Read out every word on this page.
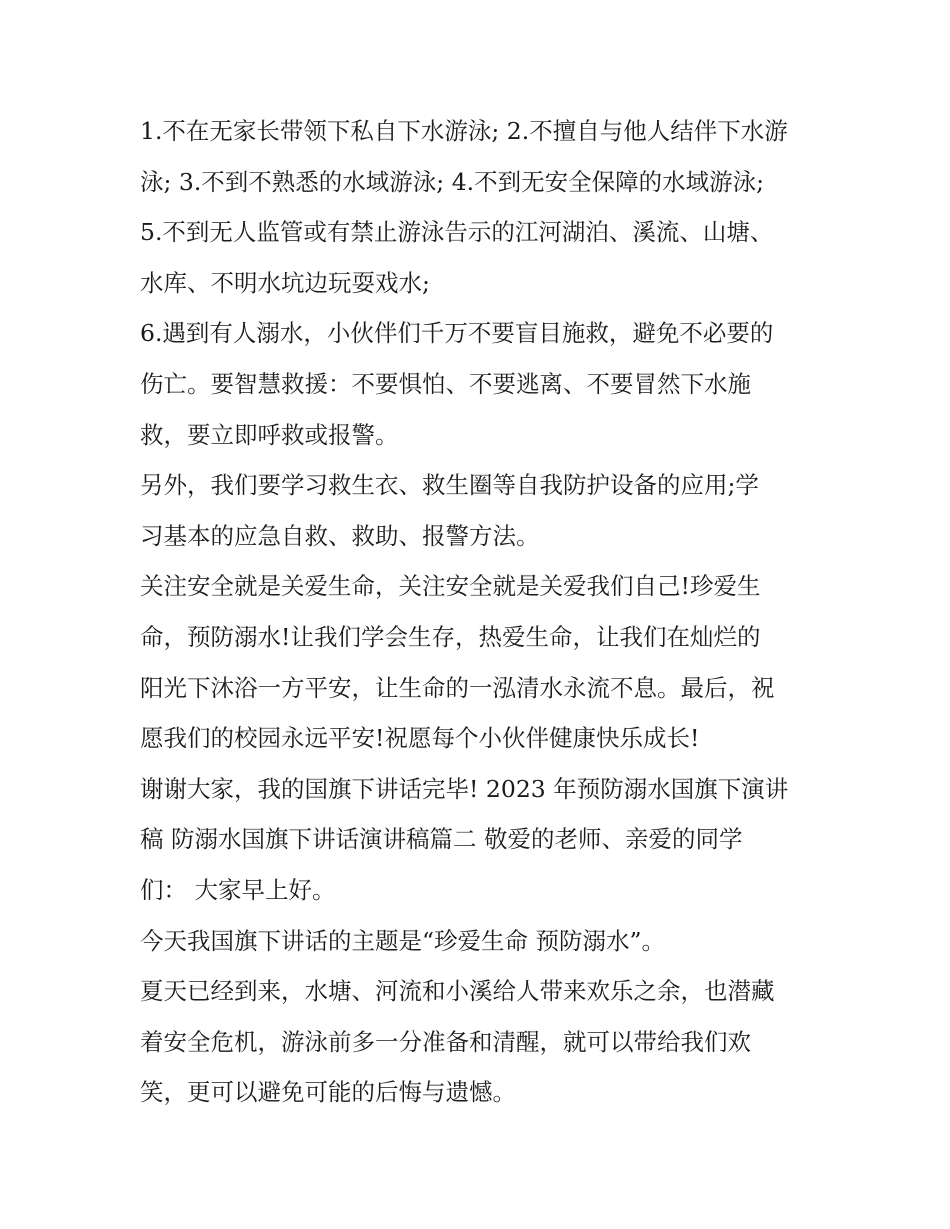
1.不在无家长带领下私自下水游泳; 2.不擅自与他人结伴下水游
泳; 3.不到不熟悉的水域游泳; 4.不到无安全保障的水域游泳;
5.不到无人监管或有禁止游泳告示的江河湖泊、溪流、山塘、
水库、不明水坑边玩耍戏水;
6.遇到有人溺水，小伙伴们千万不要盲目施救，避免不必要的
伤亡。要智慧救援：不要惧怕、不要逃离、不要冒然下水施
救，要立即呼救或报警。
另外，我们要学习救生衣、救生圈等自我防护设备的应用;学
习基本的应急自救、救助、报警方法。
关注安全就是关爱生命，关注安全就是关爱我们自己!珍爱生
命，预防溺水!让我们学会生存，热爱生命，让我们在灿烂的
阳光下沐浴一方平安，让生命的一泓清水永流不息。最后，祝
愿我们的校园永远平安!祝愿每个小伙伴健康快乐成长!
谢谢大家，我的国旗下讲话完毕! 2023 年预防溺水国旗下演讲
稿 防溺水国旗下讲话演讲稿篇二 敬爱的老师、亲爱的同学
们： 大家早上好。
今天我国旗下讲话的主题是“珍爱生命 预防溺水”。
夏天已经到来，水塘、河流和小溪给人带来欢乐之余，也潜藏
着安全危机，游泳前多一分准备和清醒，就可以带给我们欢
笑，更可以避免可能的后悔与遗憾。
